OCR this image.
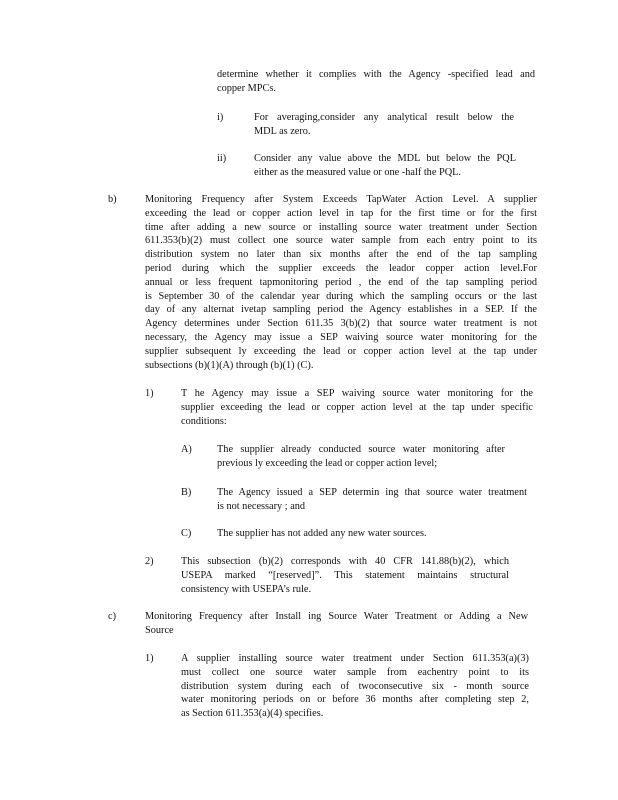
determine whether it complies with the Agency -specified lead and
copper MPCs.
i)	For averaging,consider any analytical result below the
MDL as zero.
ii)	Consider any value above the MDL but below the PQL
either as the measured value or one -half the PQL.
b)	Monitoring Frequency after System Exceeds TapWater Action Level. A supplier
exceeding the lead or copper action level in tap for the first time or for the first
time after adding a new source or installing source water treatment under Section
611.353(b)(2) must collect one source water sample from each entry point to its
distribution system no later than six months after the end of the tap sampling
period during which the supplier exceeds the leador copper action level.For
annual or less frequent tapmonitoring period , the end of the tap sampling period
is September 30 of the calendar year during which the sampling occurs or the last
day of any alternat ivetap sampling period the Agency establishes in a SEP. If the
Agency determines under Section 611.35 3(b)(2) that source water treatment is not
necessary, the Agency may issue a SEP waiving source water monitoring for the
supplier subsequent ly exceeding the lead or copper action level at the tap under
subsections (b)(1)(A) through (b)(1) (C).
1)	T he Agency may issue a SEP waiving source water monitoring for the
supplier exceeding the lead or copper action level at the tap under specific
conditions:
A) The supplier already conducted source water monitoring after
previous ly exceeding the lead or copper action level;
B) The Agency issued a SEP determin ing that source water treatment
is not necessary ; and
C) The supplier has not added any new water sources.
2)	This subsection (b)(2) corresponds with 40 CFR 141.88(b)(2), which
USEPA marked “[reserved]”. This statement maintains structural
consistency with USEPA’s rule.
c)	Monitoring Frequency after Install ing Source Water Treatment or Adding a New
Source
1)	A supplier installing source water treatment under Section 611.353(a)(3)
must collect one source water sample from eachentry point to its
distribution system during each of twoconsecutive six - month source
water monitoring periods on or before 36 months after completing step 2,
as Section 611.353(a)(4) specifies.
